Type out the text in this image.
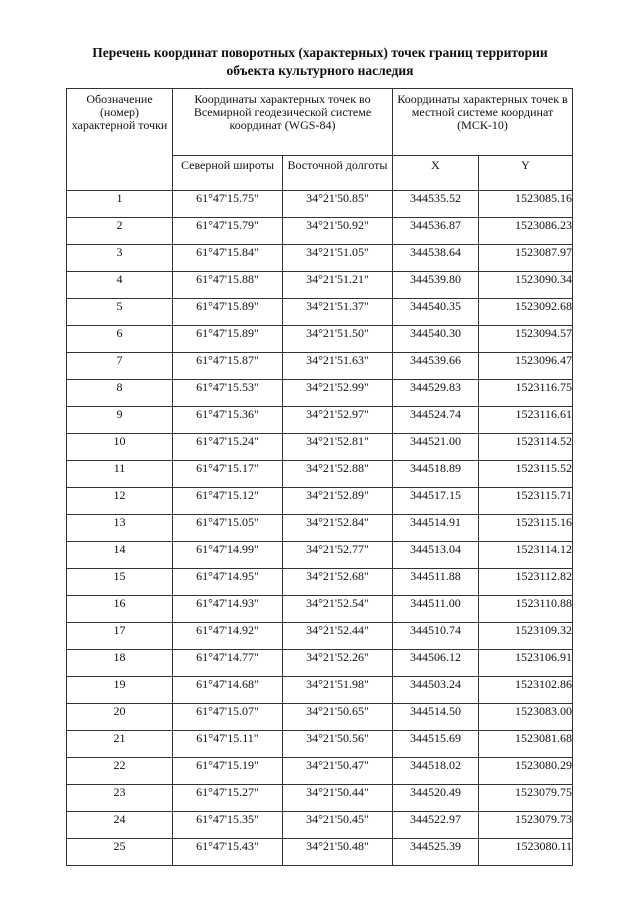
Перечень координат поворотных (характерных) точек границ территории
объекта культурного наследия
Обозначение (номер) характерной точки	Координаты характерных точек во Всемирной геодезической системе координат (WGS-84)		Координаты характерных точек в местной системе координат (МСК-10)	
	Северной широты	Восточной долготы	X	Y
1	61°47'15.75"	34°21'50.85"	344535.52	1523085.16
2	61°47'15.79"	34°21'50.92"	344536.87	1523086.23
3	61°47'15.84"	34°21'51.05"	344538.64	1523087.97
4	61°47'15.88"	34°21'51.21"	344539.80	1523090.34
5	61°47'15.89"	34°21'51.37"	344540.35	1523092.68
6	61°47'15.89"	34°21'51.50"	344540.30	1523094.57
7	61°47'15.87"	34°21'51.63"	344539.66	1523096.47
8	61°47'15.53"	34°21'52.99"	344529.83	1523116.75
9	61°47'15.36"	34°21'52.97"	344524.74	1523116.61
10	61°47'15.24"	34°21'52.81"	344521.00	1523114.52
11	61°47'15.17"	34°21'52.88"	344518.89	1523115.52
12	61°47'15.12"	34°21'52.89"	344517.15	1523115.71
13	61°47'15.05"	34°21'52.84"	344514.91	1523115.16
14	61°47'14.99"	34°21'52.77"	344513.04	1523114.12
15	61°47'14.95"	34°21'52.68"	344511.88	1523112.82
16	61°47'14.93"	34°21'52.54"	344511.00	1523110.88
17	61°47'14.92"	34°21'52.44"	344510.74	1523109.32
18	61°47'14.77"	34°21'52.26"	344506.12	1523106.91
19	61°47'14.68"	34°21'51.98"	344503.24	1523102.86
20	61°47'15.07"	34°21'50.65"	344514.50	1523083.00
21	61°47'15.11"	34°21'50.56"	344515.69	1523081.68
22	61°47'15.19"	34°21'50.47"	344518.02	1523080.29
23	61°47'15.27"	34°21'50.44"	344520.49	1523079.75
24	61°47'15.35"	34°21'50.45"	344522.97	1523079.73
25	61°47'15.43"	34°21'50.48"	344525.39	1523080.11
